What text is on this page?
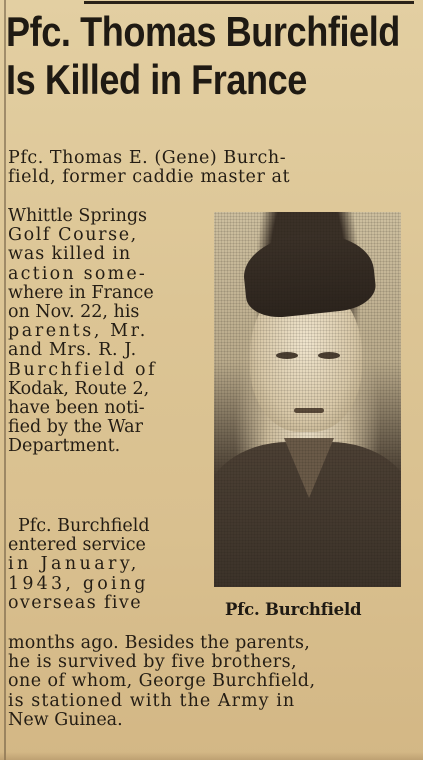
Pfc. Thomas Burchfield
Is Killed in France
Pfc. Thomas E. (Gene) Burch-
field, former caddie master at
Whittle Springs
Golf Course,
was killed in
action some-
where in France
on Nov. 22, his
parents, Mr.
and Mrs. R. J.
Burchfield of
Kodak, Route 2,
have been noti-
fied by the War
Department.
Pfc. Burchfield
entered service
in January,
1943, going
overseas five
months ago. Besides the parents,
he is survived by five brothers,
one of whom, George Burchfield,
is stationed with the Army in
New Guinea.
Pfc. Burchfield
